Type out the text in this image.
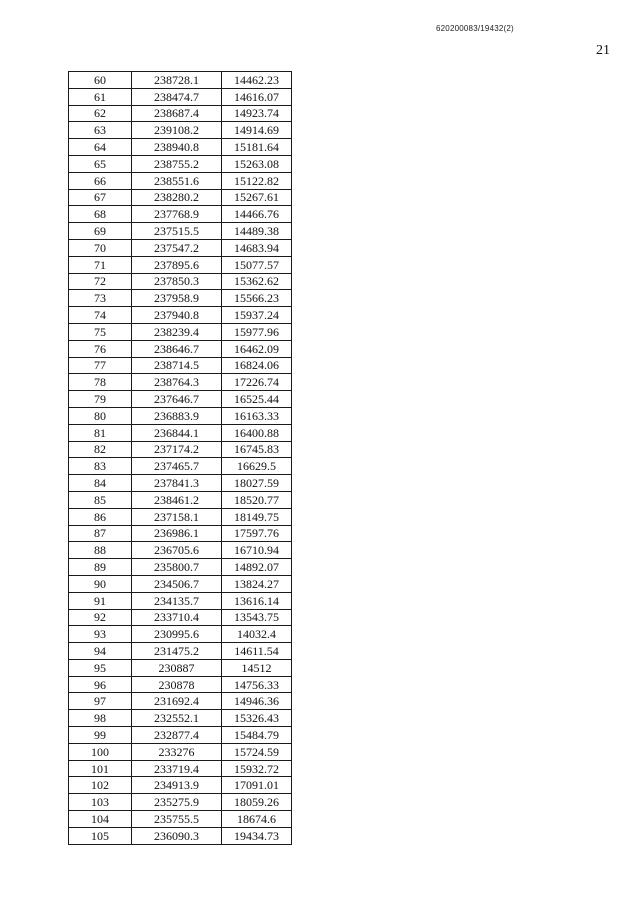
620200083/19432(2)
21
60	238728.1	14462.23
61	238474.7	14616.07
62	238687.4	14923.74
63	239108.2	14914.69
64	238940.8	15181.64
65	238755.2	15263.08
66	238551.6	15122.82
67	238280.2	15267.61
68	237768.9	14466.76
69	237515.5	14489.38
70	237547.2	14683.94
71	237895.6	15077.57
72	237850.3	15362.62
73	237958.9	15566.23
74	237940.8	15937.24
75	238239.4	15977.96
76	238646.7	16462.09
77	238714.5	16824.06
78	238764.3	17226.74
79	237646.7	16525.44
80	236883.9	16163.33
81	236844.1	16400.88
82	237174.2	16745.83
83	237465.7	16629.5
84	237841.3	18027.59
85	238461.2	18520.77
86	237158.1	18149.75
87	236986.1	17597.76
88	236705.6	16710.94
89	235800.7	14892.07
90	234506.7	13824.27
91	234135.7	13616.14
92	233710.4	13543.75
93	230995.6	14032.4
94	231475.2	14611.54
95	230887	14512
96	230878	14756.33
97	231692.4	14946.36
98	232552.1	15326.43
99	232877.4	15484.79
100	233276	15724.59
101	233719.4	15932.72
102	234913.9	17091.01
103	235275.9	18059.26
104	235755.5	18674.6
105	236090.3	19434.73
